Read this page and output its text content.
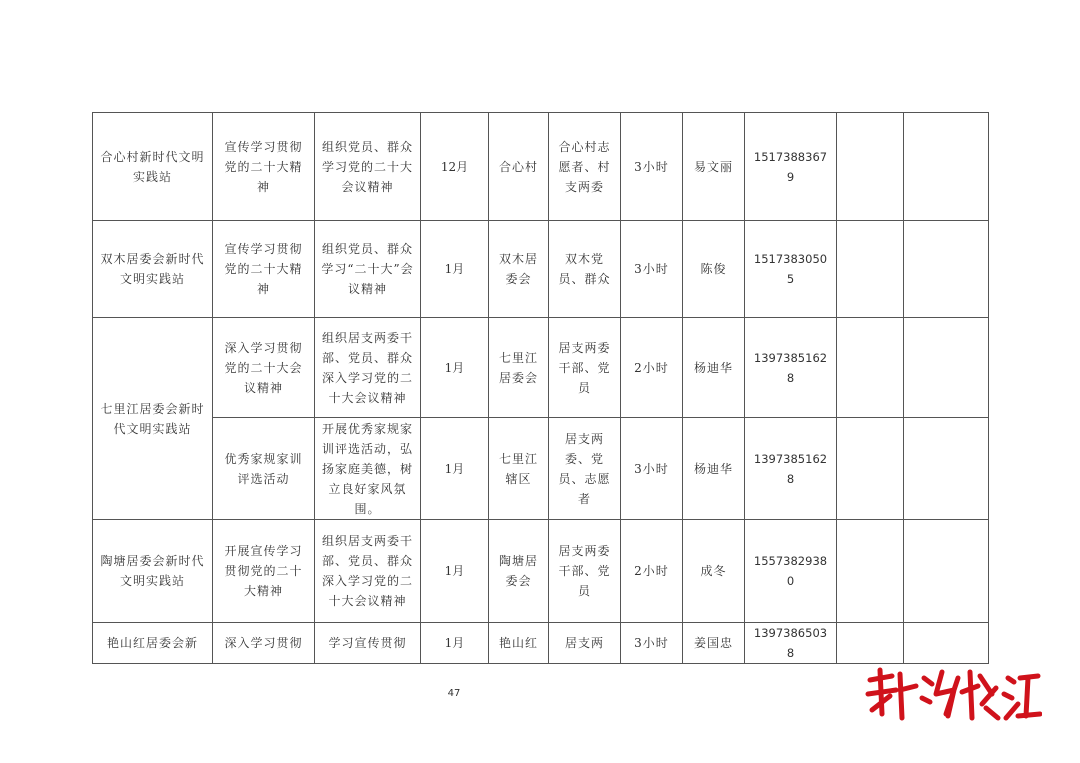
合心村新时代文明实践站	宣传学习贯彻党的二十大精神	组织党员、群众学习党的二十大会议精神	12月	合心村	合心村志愿者、村支两委	3小时	易文丽	15173883679		
双木居委会新时代文明实践站	宣传学习贯彻党的二十大精神	组织党员、群众学习“二十大”会议精神	1月	双木居委会	双木党员、群众	3小时	陈俊	15173830505		
七里江居委会新时代文明实践站	深入学习贯彻党的二十大会议精神	组织居支两委干部、党员、群众深入学习党的二十大会议精神	1月	七里江居委会	居支两委干部、党员	2小时	杨迪华	13973851628		
	优秀家规家训评选活动	开展优秀家规家训评选活动，弘扬家庭美德，树立良好家风氛围。	1月	七里江辖区	居支两委、党员、志愿者	3小时	杨迪华	13973851628		
陶塘居委会新时代文明实践站	开展宣传学习贯彻党的二十大精神	组织居支两委干部、党员、群众深入学习党的二十大会议精神	1月	陶塘居委会	居支两委干部、党员	2小时	成冬	15573829380		
艳山红居委会新	深入学习贯彻	学习宣传贯彻	1月	艳山红	居支两	3小时	姜国忠	13973865038		
47
